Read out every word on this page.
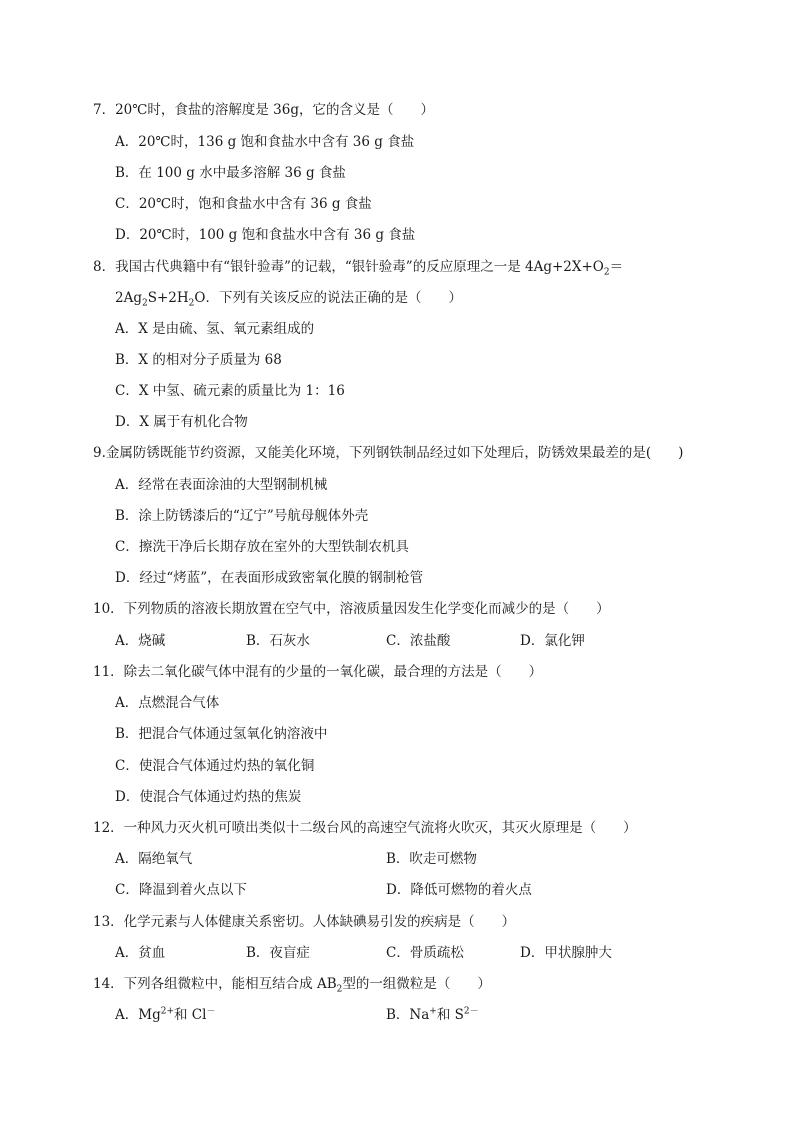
7．20℃时，食盐的溶解度是 36g，它的含义是（　　）
A．20℃时，136 g 饱和食盐水中含有 36 g 食盐
B．在 100 g 水中最多溶解 36 g 食盐
C．20℃时，饱和食盐水中含有 36 g 食盐
D．20℃时，100 g 饱和食盐水中含有 36 g 食盐
8．我国古代典籍中有“银针验毒”的记载，“银针验毒”的反应原理之一是 $4Ag+2X+O_2=$
$2Ag_2S+2H_2O$．下列有关该反应的说法正确的是（　　）
A．X 是由硫、氢、氧元素组成的
B．X 的相对分子质量为 68
C．X 中氢、硫元素的质量比为 1：16
D．X 属于有机化合物
9.金属防锈既能节约资源，又能美化环境，下列钢铁制品经过如下处理后，防锈效果最差的是(　　)
A．经常在表面涂油的大型钢制机械
B．涂上防锈漆后的“辽宁”号航母舰体外壳
C．擦洗干净后长期存放在室外的大型铁制农机具
D．经过“烤蓝”，在表面形成致密氧化膜的钢制枪管
10．下列物质的溶液长期放置在空气中，溶液质量因发生化学变化而减少的是（　　）
A．烧碱	B．石灰水	C．浓盐酸	D．氯化钾
11．除去二氧化碳气体中混有的少量的一氧化碳，最合理的方法是（　　）
A．点燃混合气体
B．把混合气体通过氢氧化钠溶液中
C．使混合气体通过灼热的氧化铜
D．使混合气体通过灼热的焦炭
12．一种风力灭火机可喷出类似十二级台风的高速空气流将火吹灭，其灭火原理是（　　）
A．隔绝氧气	B．吹走可燃物
C．降温到着火点以下	D．降低可燃物的着火点
13．化学元素与人体健康关系密切。人体缺碘易引发的疾病是（　　）
A．贫血	B．夜盲症	C．骨质疏松	D．甲状腺肿大
14．下列各组微粒中，能相互结合成 $AB_2$型的一组微粒是（　　）
A．$Mg^{2+}$和 Cl－	B．Na+和 $S^{2-}$
